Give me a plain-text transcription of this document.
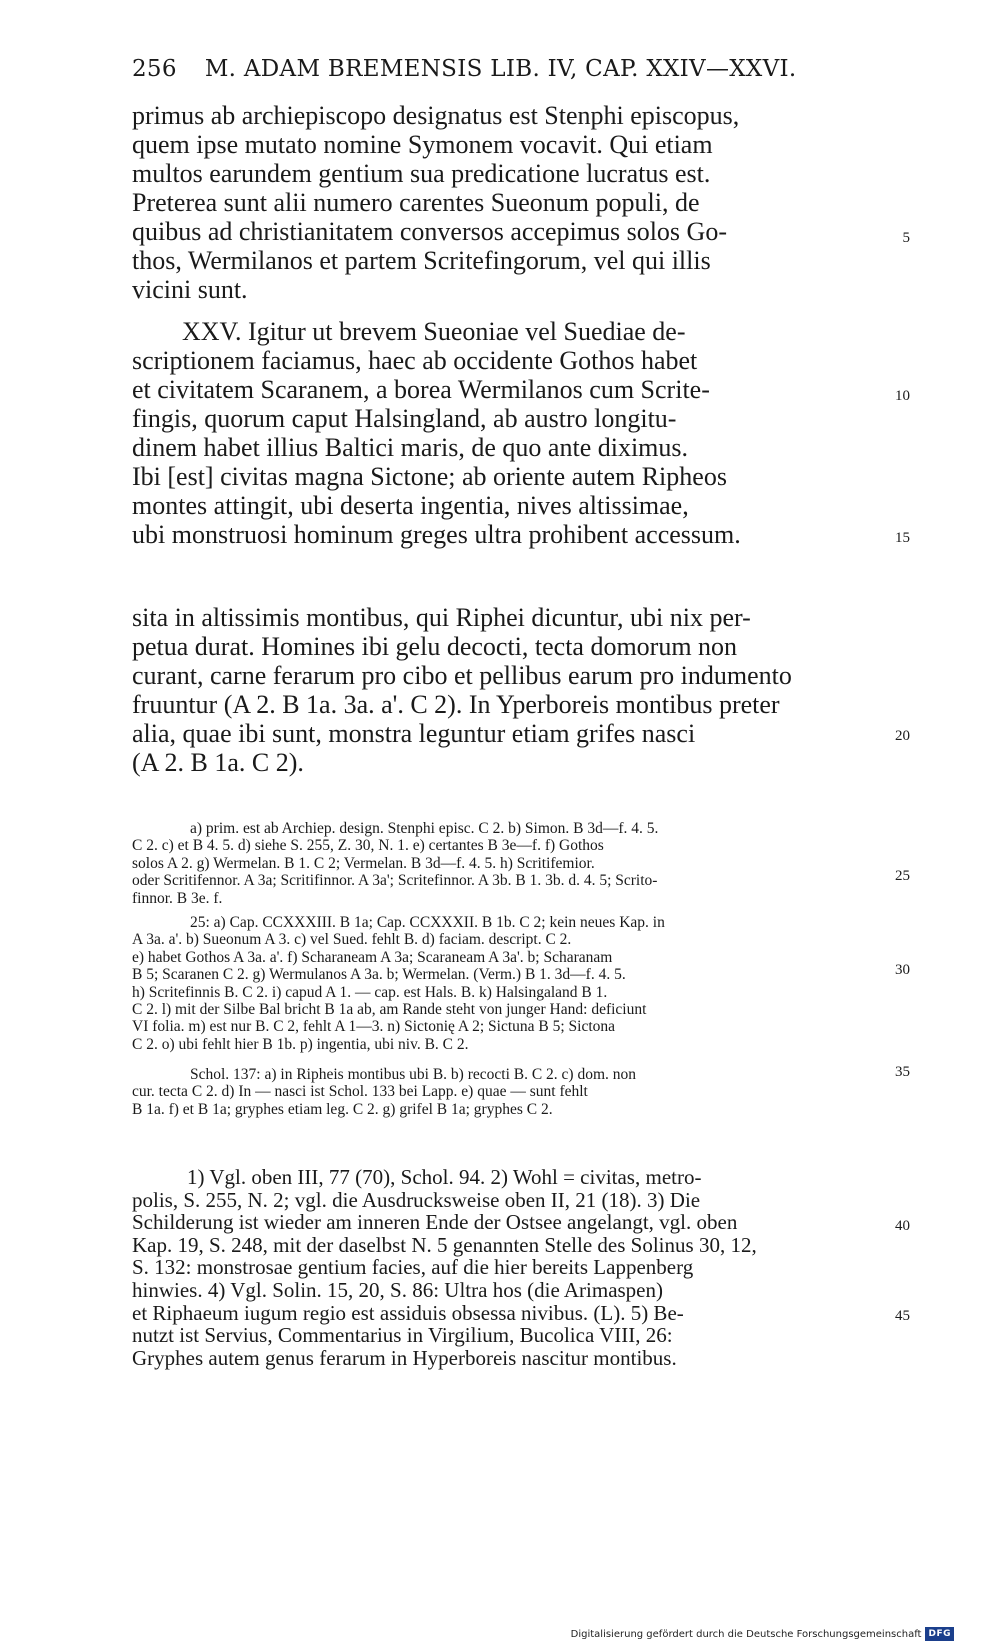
256 M. ADAM BREMENSIS LIB. IV, CAP. XXIV—XXVI.
primus ab archiepiscopo designatus est Stenphi episcopus,
quem ipse mutato nomine Symonem vocavit. Qui etiam
multos earundem gentium sua predicatione lucratus est.
Preterea sunt alii numero carentes Sueonum populi, de
quibus ad christianitatem conversos accepimus solos Go-
thos, Wermilanos et partem Scritefingorum, vel qui illis
vicini sunt.
XXV. Igitur ut brevem Sueoniae vel Suediae de-
scriptionem faciamus, haec ab occidente Gothos habet
et civitatem Scaranem, a borea Wermilanos cum Scrite-
fingis, quorum caput Halsingland, ab austro longitu-
dinem habet illius Baltici maris, de quo ante diximus.
Ibi [est] civitas magna Sictone; ab oriente autem Ripheos
montes attingit, ubi deserta ingentia, nives altissimae,
ubi monstruosi hominum greges ultra prohibent accessum.
sita in altissimis montibus, qui Riphei dicuntur, ubi nix per-
petua durat. Homines ibi gelu decocti, tecta domorum non
curant, carne ferarum pro cibo et pellibus earum pro indumento
fruuntur (A 2. B 1a. 3a. a'. C 2). In Yperboreis montibus preter
alia, quae ibi sunt, monstra leguntur etiam grifes nasci
(A 2. B 1a. C 2).
5
10
15
20
25
30
35
40
45
a) prim. est ab Archiep. design. Stenphi episc. C 2. b) Simon. B 3d—f. 4. 5.
C 2. c) et B 4. 5. d) siehe S. 255, Z. 30, N. 1. e) certantes B 3e—f. f) Gothos
solos A 2. g) Wermelan. B 1. C 2; Vermelan. B 3d—f. 4. 5. h) Scritifemior.
oder Scritifennor. A 3a; Scritifinnor. A 3a'; Scritefinnor. A 3b. B 1. 3b. d. 4. 5; Scrito-
finnor. B 3e. f.
25: a) Cap. CCXXXIII. B 1a; Cap. CCXXXII. B 1b. C 2; kein neues Kap. in
A 3a. a'. b) Sueonum A 3. c) vel Sued. fehlt B. d) faciam. descript. C 2.
e) habet Gothos A 3a. a'. f) Scharaneam A 3a; Scaraneam A 3a'. b; Scharanam
B 5; Scaranen C 2. g) Wermulanos A 3a. b; Wermelan. (Verm.) B 1. 3d—f. 4. 5.
h) Scritefinnis B. C 2. i) capud A 1. — cap. est Hals. B. k) Halsingaland B 1.
C 2. l) mit der Silbe Bal bricht B 1a ab, am Rande steht von junger Hand: deficiunt
VI folia. m) est nur B. C 2, fehlt A 1—3. n) Sictonię A 2; Sictuna B 5; Sictona
C 2. o) ubi fehlt hier B 1b. p) ingentia, ubi niv. B. C 2.
Schol. 137: a) in Ripheis montibus ubi B. b) recocti B. C 2. c) dom. non
cur. tecta C 2. d) In — nasci ist Schol. 133 bei Lapp. e) quae — sunt fehlt
B 1a. f) et B 1a; gryphes etiam leg. C 2. g) grifel B 1a; gryphes C 2.
1) Vgl. oben III, 77 (70), Schol. 94. 2) Wohl = civitas, metro-
polis, S. 255, N. 2; vgl. die Ausdrucksweise oben II, 21 (18). 3) Die
Schilderung ist wieder am inneren Ende der Ostsee angelangt, vgl. oben
Kap. 19, S. 248, mit der daselbst N. 5 genannten Stelle des Solinus 30, 12,
S. 132: monstrosae gentium facies, auf die hier bereits Lappenberg
hinwies. 4) Vgl. Solin. 15, 20, S. 86: Ultra hos (die Arimaspen)
et Riphaeum iugum regio est assiduis obsessa nivibus. (L). 5) Be-
nutzt ist Servius, Commentarius in Virgilium, Bucolica VIII, 26:
Gryphes autem genus ferarum in Hyperboreis nascitur montibus.
Digitalisierung gefördert durch die Deutsche Forschungsgemeinschaft DFG
